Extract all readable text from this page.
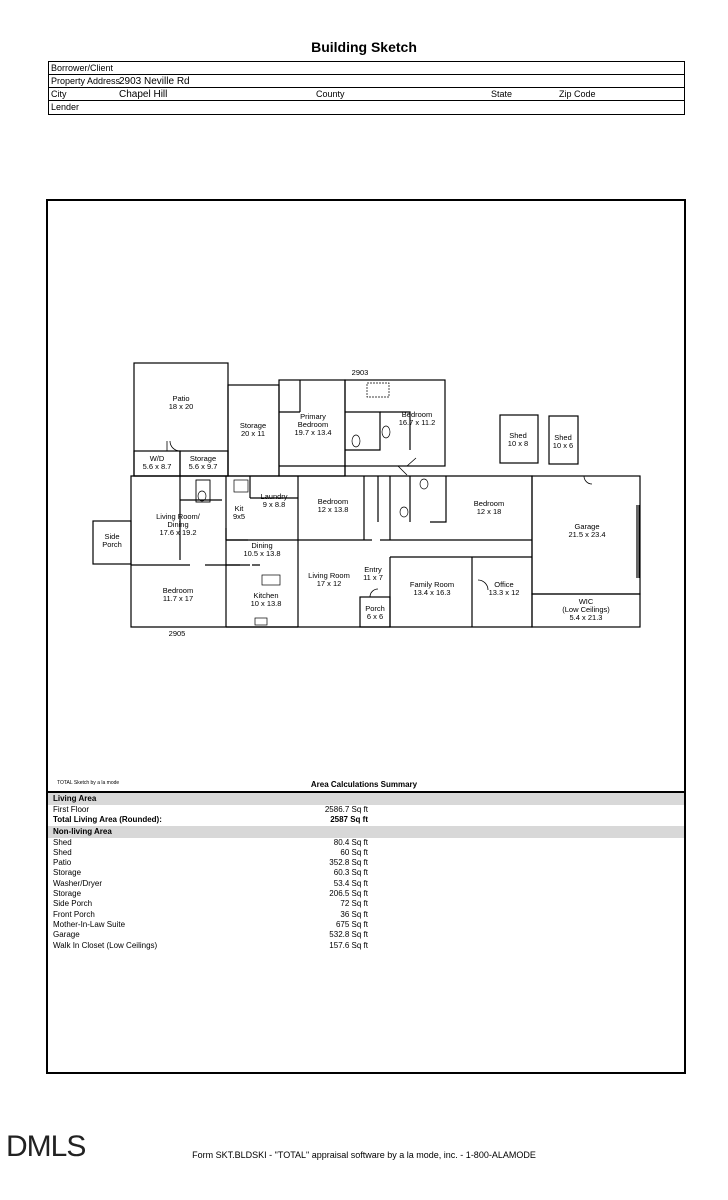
Building Sketch
Borrower/Client
Property Address
2903 Neville Rd
City	Chapel Hill	County	State	Zip Code
Lender
2903
2905
Patio
18 x 20
W/D
5.6 x 8.7
Storage
5.6 x 9.7
Storage
20 x 11
Primary
Bedroom
19.7 x 13.4
Bedroom
16.7 x 11.2
Shed
10 x 8
Shed
10 x 6
Living Room/
Dining
17.6 x 19.2
Kit
9x5
Laundry
9 x 8.8	Bedroom
12 x 13.8
Bedroom
12 x 18
Garage
21.5 x 23.4
Side
Porch	Dining
10.5 x 13.8
Kitchen
10 x 13.8
Living Room
17 x 12
Entry
11 x 7
Porch
6 x 6
Family Room
13.4 x 16.3
Office
13.3 x 12
WIC
(Low Ceilings)
5.4 x 21.3
Bedroom
11.7 x 17
TOTAL Sketch by a la mode	Area Calculations Summary
Living Area
First Floor	2586.7 Sq ft
Total Living Area (Rounded):	2587 Sq ft
Non-living Area
Shed	80.4 Sq ft
Shed	60 Sq ft
Patio	352.8 Sq ft
Storage	60.3 Sq ft
Washer/Dryer	53.4 Sq ft
Storage	206.5 Sq ft
Side Porch	72 Sq ft
Front Porch	36 Sq ft
Mother-In-Law Suite	675 Sq ft
Garage	532.8 Sq ft
Walk In Closet (Low Ceilings)	157.6 Sq ft
DMLS	Form SKT.BLDSKI - "TOTAL" appraisal software by a la mode, inc. - 1-800-ALAMODE
